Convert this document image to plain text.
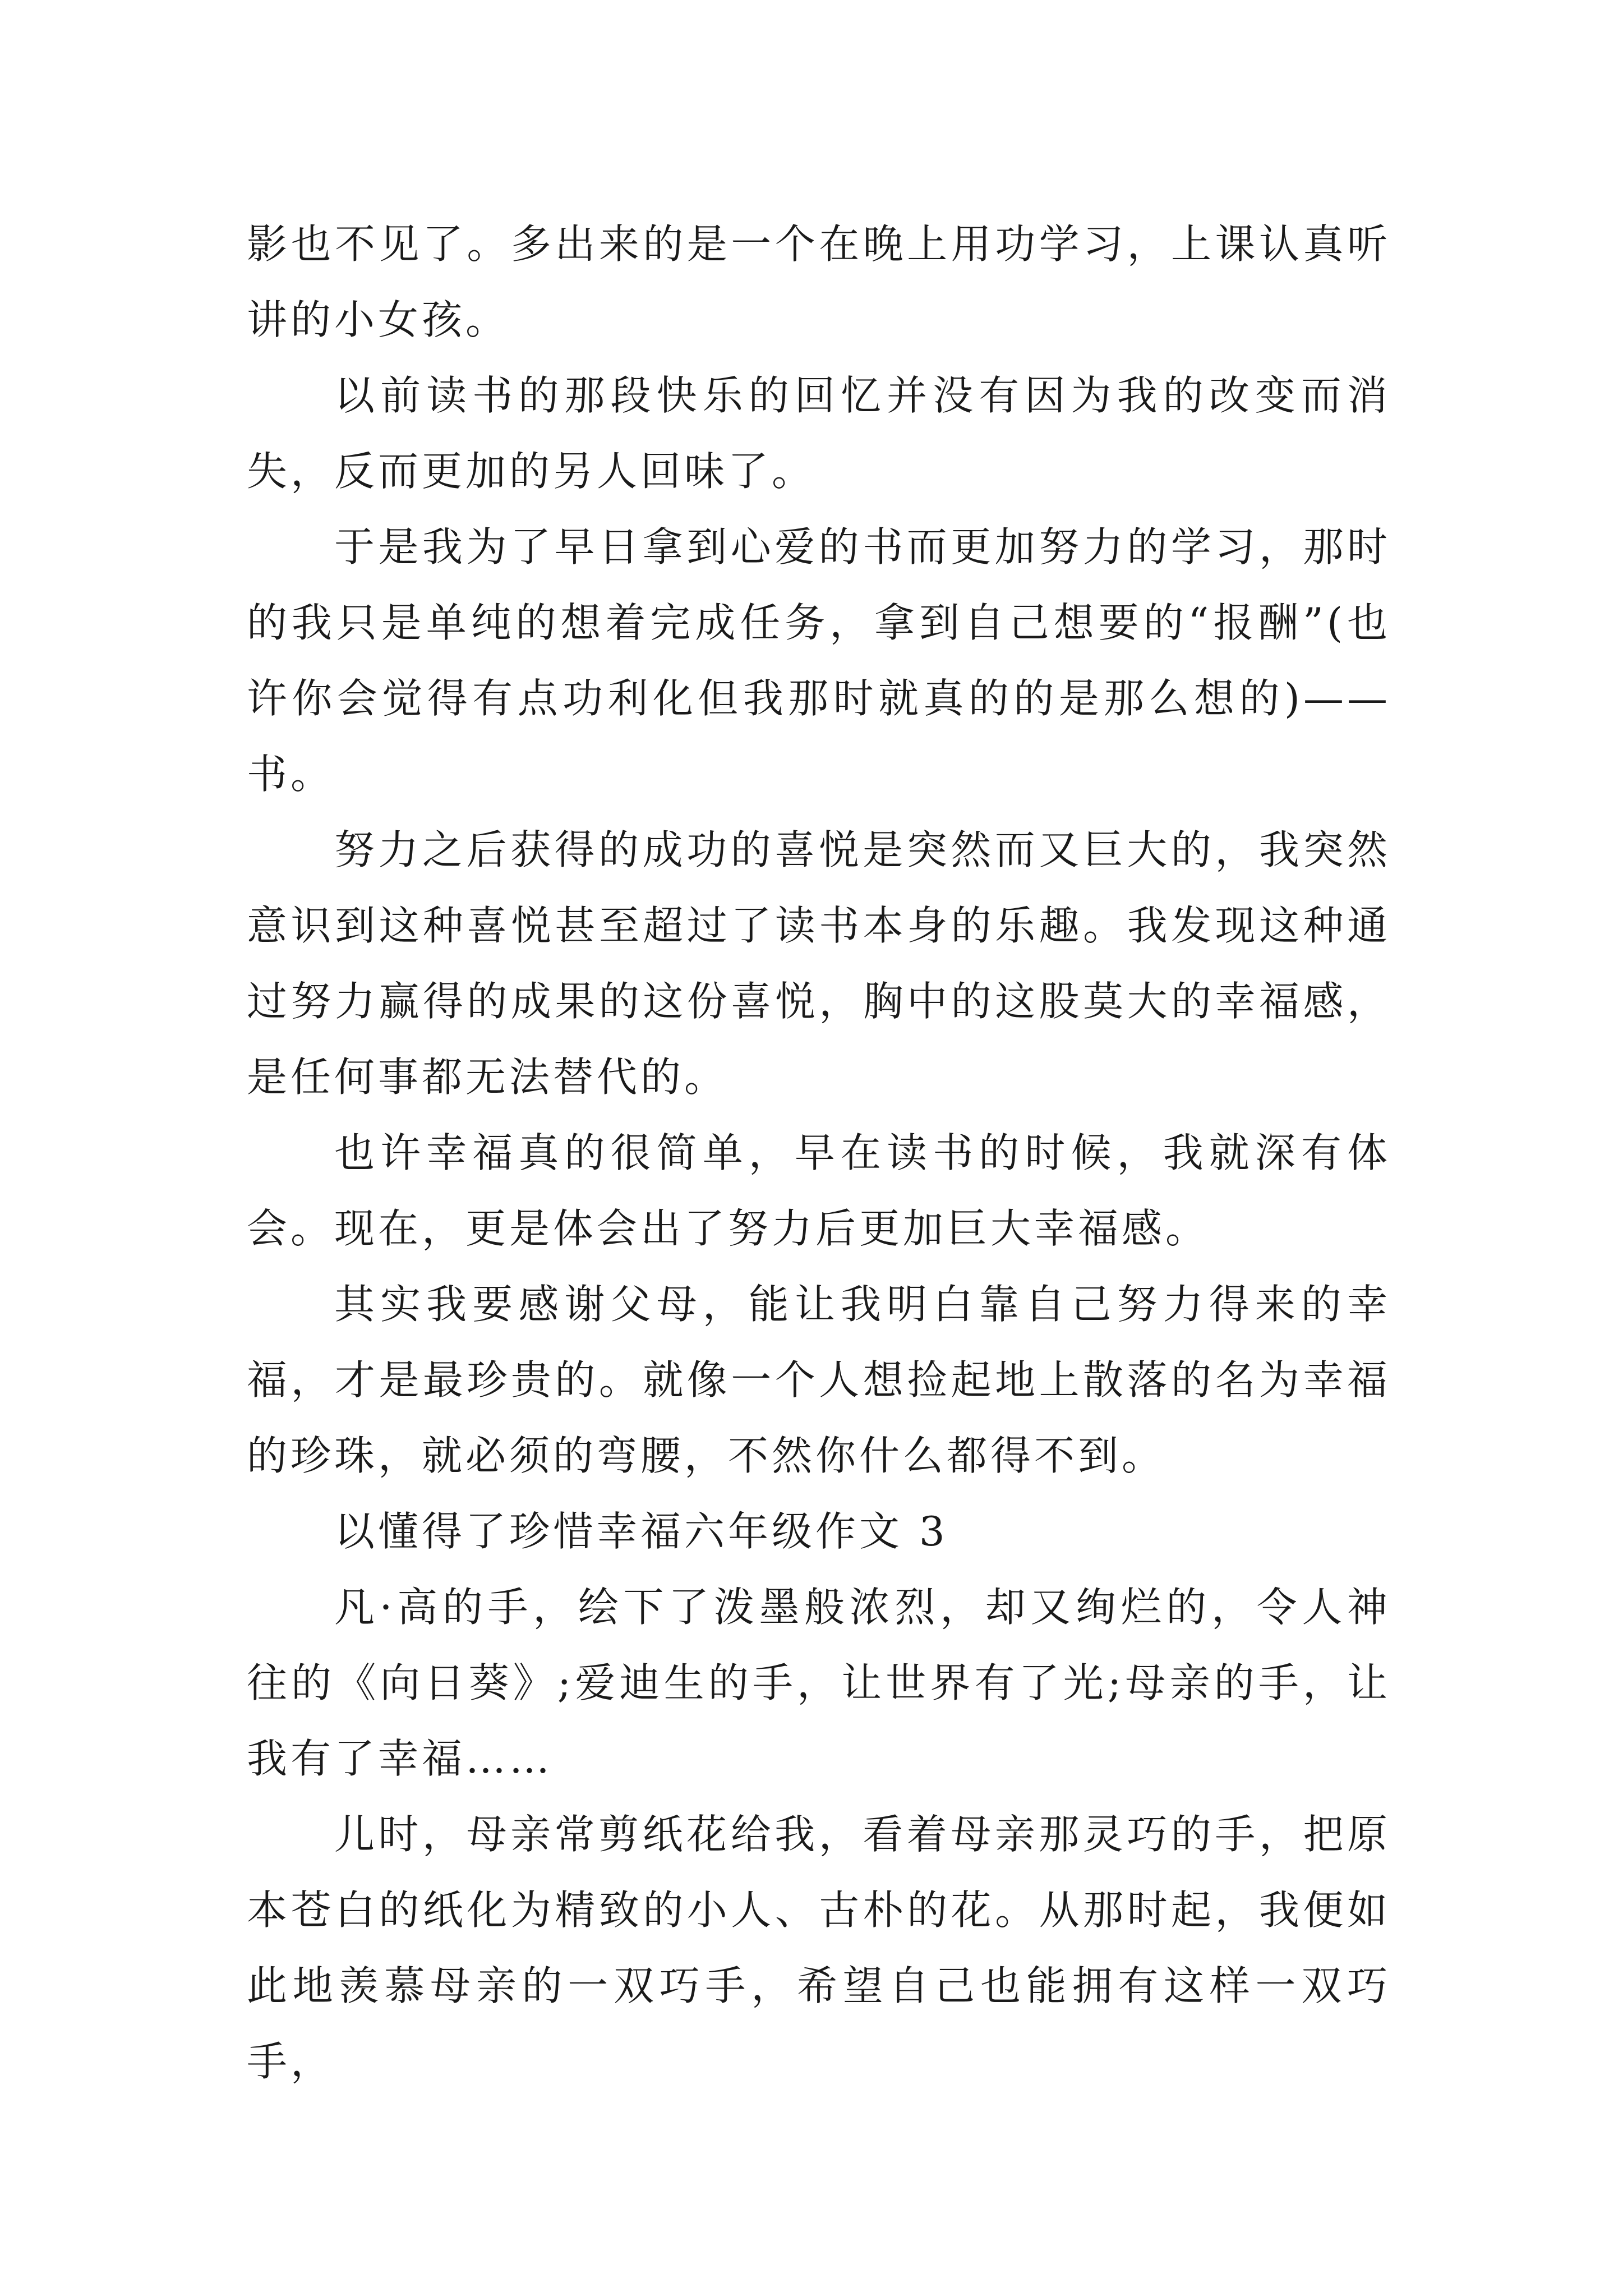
影也不见了。多出来的是一个在晚上用功学习，上课认真听讲的小女孩。

以前读书的那段快乐的回忆并没有因为我的改变而消失，反而更加的另人回味了。

于是我为了早日拿到心爱的书而更加努力的学习，那时的我只是单纯的想着完成任务，拿到自己想要的“报酬”(也许你会觉得有点功利化但我那时就真的的是那么想的)——书。

努力之后获得的成功的喜悦是突然而又巨大的，我突然意识到这种喜悦甚至超过了读书本身的乐趣。我发现这种通过努力赢得的成果的这份喜悦，胸中的这股莫大的幸福感，是任何事都无法替代的。

也许幸福真的很简单，早在读书的时候，我就深有体会。现在，更是体会出了努力后更加巨大幸福感。

其实我要感谢父母，能让我明白靠自己努力得来的幸福，才是最珍贵的。就像一个人想捡起地上散落的名为幸福的珍珠，就必须的弯腰，不然你什么都得不到。

以懂得了珍惜幸福六年级作文 3

凡·高的手，绘下了泼墨般浓烈，却又绚烂的，令人神往的《向日葵》;爱迪生的手，让世界有了光;母亲的手，让我有了幸福……

儿时，母亲常剪纸花给我，看着母亲那灵巧的手，把原本苍白的纸化为精致的小人、古朴的花。从那时起，我便如此地羡慕母亲的一双巧手，希望自己也能拥有这样一双巧手，
